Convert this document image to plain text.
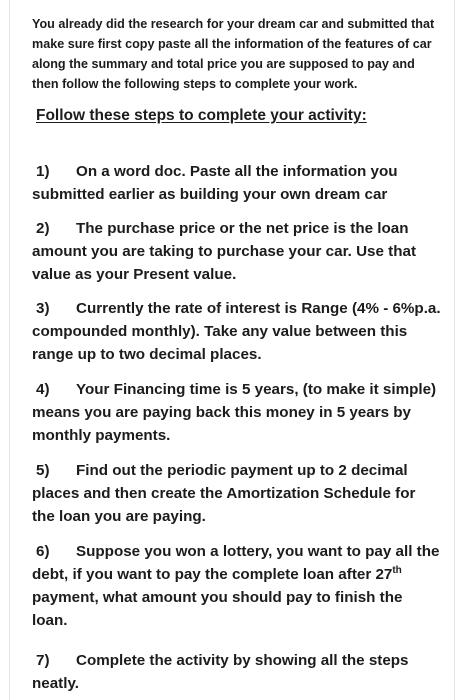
You already did the research for your dream car and submitted that make sure first copy paste all the information of the features of car along the summary and total price you are supposed to pay and then follow the following steps to complete your work.

Follow these steps to complete your activity:
1) On a word doc. Paste all the information you submitted earlier as building your own dream car
2) The purchase price or the net price is the loan amount you are taking to purchase your car. Use that value as your Present value.
3) Currently the rate of interest is Range (4% - 6%p.a. compounded monthly). Take any value between this range up to two decimal places.
4) Your Financing time is 5 years, (to make it simple) means you are paying back this money in 5 years by monthly payments.
5) Find out the periodic payment up to 2 decimal places and then create the Amortization Schedule for the loan you are paying.
6) Suppose you won a lottery, you want to pay all the debt, if you want to pay the complete loan after 27th payment, what amount you should pay to finish the loan.
7) Complete the activity by showing all the steps neatly.
